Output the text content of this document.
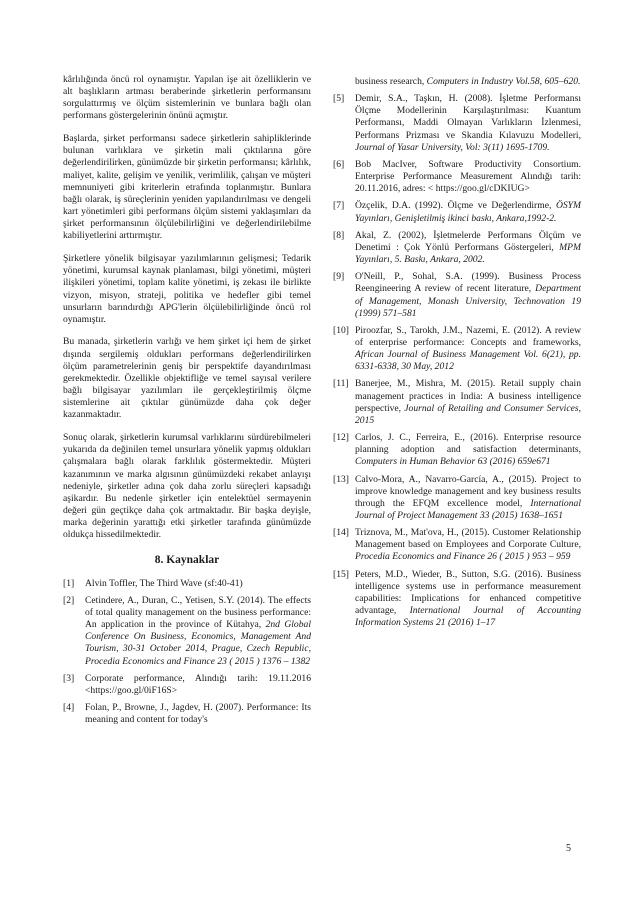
kârlılığında öncü rol oynamıştır. Yapılan işe ait özelliklerin ve alt başlıkların artması beraberinde şirketlerin performansını sorgulattırmış ve ölçüm sistemlerinin ve bunlara bağlı olan performans göstergelerinin önünü açmıştır.

Başlarda, şirket performansı sadece şirketlerin sahipliklerinde bulunan varlıklara ve şirketin mali çıktılarına göre değerlendirilirken, günümüzde bir şirketin performansı; kârlılık, maliyet, kalite, gelişim ve yenilik, verimlilik, çalışan ve müşteri memnuniyeti gibi kriterlerin etrafında toplanmıştır. Bunlara bağlı olarak, iş süreçlerinin yeniden yapılandırılması ve dengeli kart yönetimleri gibi performans ölçüm sistemi yaklaşımları da şirket performansının ölçülebilirliğini ve değerlendirilebilme kabiliyetlerini arttırmıştır.

Şirketlere yönelik bilgisayar yazılımlarının gelişmesi; Tedarik yönetimi, kurumsal kaynak planlaması, bilgi yönetimi, müşteri ilişkileri yönetimi, toplam kalite yönetimi, iş zekası ile birlikte vizyon, misyon, strateji, politika ve hedefler gibi temel unsurların barındırdığı APG'lerin ölçülebilirliğinde öncü rol oynamıştır.

Bu manada, şirketlerin varlığı ve hem şirket içi hem de şirket dışında sergilemiş oldukları performans değerlendirilirken ölçüm parametrelerinin geniş bir perspektife dayandırılması gerekmektedir. Özellikle objektifliğe ve temel sayısal verilere bağlı bilgisayar yazılımları ile gerçekleştirilmiş ölçme sistemlerine ait çıktılar günümüzde daha çok değer kazanmaktadır.

Sonuç olarak, şirketlerin kurumsal varlıklarını sürdürebilmeleri yukarıda da değinilen temel unsurlara yönelik yapmış oldukları çalışmalara bağlı olarak farklılık göstermektedir. Müşteri kazanımının ve marka algısının günümüzdeki rekabet anlayışı nedeniyle, şirketler adına çok daha zorlu süreçleri kapsadığı aşikardır. Bu nedenle şirketler için entelektüel sermayenin değeri gün geçtikçe daha çok artmaktadır. Bir başka deyişle, marka değerinin yarattığı etki şirketler tarafında günümüzde oldukça hissedilmektedir.

8. Kaynaklar
[1]	Alvin Toffler, The Third Wave (sf:40-41)
[2]	Cetindere, A., Duran, C., Yetisen, S.Y. (2014). The effects of total quality management on the business performance: An application in the province of Kütahya, 2nd Global Conference On Business, Economics, Management And Tourism, 30-31 October 2014, Prague, Czech Republic, Procedia Economics and Finance 23 ( 2015 ) 1376 – 1382
[3]	Corporate performance, Alındığı tarih: 19.11.2016 <https://goo.gl/0iF16S>
[4]	Folan, P., Browne, J., Jagdev, H. (2007). Performance: Its meaning and content for today's
business research, Computers in Industry Vol.58, 605–620.
[5]	Demir, S.A., Taşkın, H. (2008). İşletme Performansı Ölçme Modellerinin Karşılaştırılması: Kuantum Performansı, Maddi Olmayan Varlıkların İzlenmesi, Performans Prizması ve Skandia Kılavuzu Modelleri, Journal of Yasar University, Vol: 3(11) 1695-1709.
[6]	Bob MacIver, Software Productivity Consortium. Enterprise Performance Measurement Alındığı tarih: 20.11.2016, adres: < https://goo.gl/cDKIUG>
[7]	Özçelik, D.A. (1992). Ölçme ve Değerlendirme, ÖSYM Yayınları, Genişletilmiş ikinci baskı, Ankara,1992-2.
[8]	Akal, Z. (2002), İşletmelerde Performans Ölçüm ve Denetimi : Çok Yönlü Performans Göstergeleri, MPM Yayınları, 5. Baskı, Ankara, 2002.
[9]	O'Neill, P., Sohal, S.A. (1999). Business Process Reengineering A review of recent literature, Department of Management, Monash University, Technovation 19 (1999) 571–581
[10] Piroozfar, S., Tarokh, J.M., Nazemi, E. (2012). A review of enterprise performance: Concepts and frameworks, African Journal of Business Management Vol. 6(21), pp. 6331-6338, 30 May, 2012
[11] Banerjee, M., Mishra, M. (2015). Retail supply chain management practices in India: A business intelligence perspective, Journal of Retailing and Consumer Services, 2015
[12] Carlos, J. C., Ferreira, E., (2016). Enterprise resource planning adoption and satisfaction determinants, Computers in Human Behavior 63 (2016) 659e671
[13] Calvo-Mora, A., Navarro-García, A., (2015). Project to improve knowledge management and key business results through the EFQM excellence model, International Journal of Project Management 33 (2015) 1638–1651
[14] Triznova, M., Mat'ova, H., (2015). Customer Relationship Management based on Employees and Corporate Culture, Procedia Economics and Finance 26 ( 2015 ) 953 – 959
[15] Peters, M.D., Wieder, B., Sutton, S.G. (2016). Business intelligence systems use in performance measurement capabilities: Implications for enhanced competitive advantage, International Journal of Accounting Information Systems 21 (2016) 1–17
5
